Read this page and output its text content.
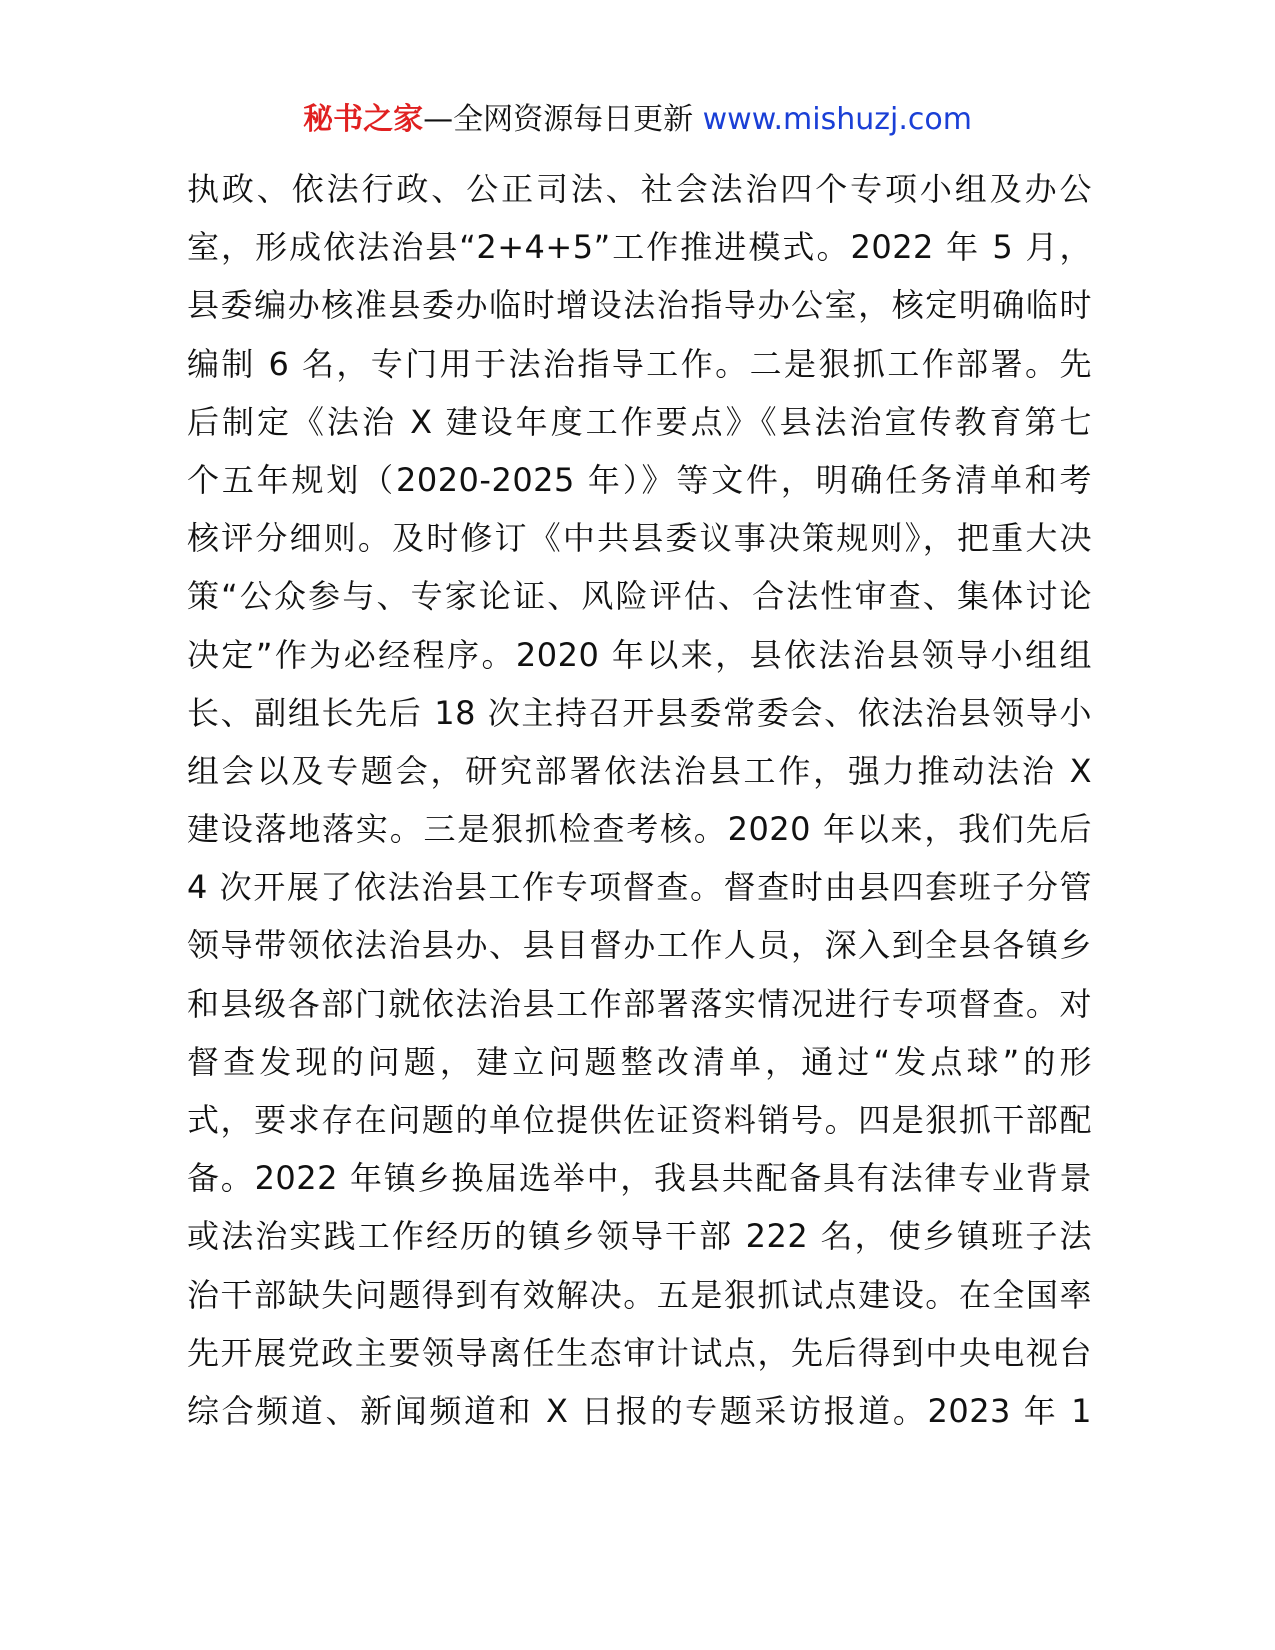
秘书之家—全网资源每日更新 www.mishuzj.com
执政、依法行政、公正司法、社会法治四个专项小组及办公
室，形成依法治县“2+4+5”工作推进模式。2022 年 5 月，
县委编办核准县委办临时增设法治指导办公室，核定明确临时
编制 6 名，专门用于法治指导工作。二是狠抓工作部署。先
后制定《法治 X 建设年度工作要点》《县法治宣传教育第七
个五年规划（2020-2025 年）》等文件，明确任务清单和考
核评分细则。及时修订《中共县委议事决策规则》，把重大决
策“公众参与、专家论证、风险评估、合法性审查、集体讨论
决定”作为必经程序。2020 年以来，县依法治县领导小组组
长、副组长先后 18 次主持召开县委常委会、依法治县领导小
组会以及专题会，研究部署依法治县工作，强力推动法治 X
建设落地落实。三是狠抓检查考核。2020 年以来，我们先后
4 次开展了依法治县工作专项督查。督查时由县四套班子分管
领导带领依法治县办、县目督办工作人员，深入到全县各镇乡
和县级各部门就依法治县工作部署落实情况进行专项督查。对
督查发现的问题，建立问题整改清单，通过“发点球”的形
式，要求存在问题的单位提供佐证资料销号。四是狠抓干部配
备。2022 年镇乡换届选举中，我县共配备具有法律专业背景
或法治实践工作经历的镇乡领导干部 222 名，使乡镇班子法
治干部缺失问题得到有效解决。五是狠抓试点建设。在全国率
先开展党政主要领导离任生态审计试点，先后得到中央电视台
综合频道、新闻频道和 X 日报的专题采访报道。2023 年 1
